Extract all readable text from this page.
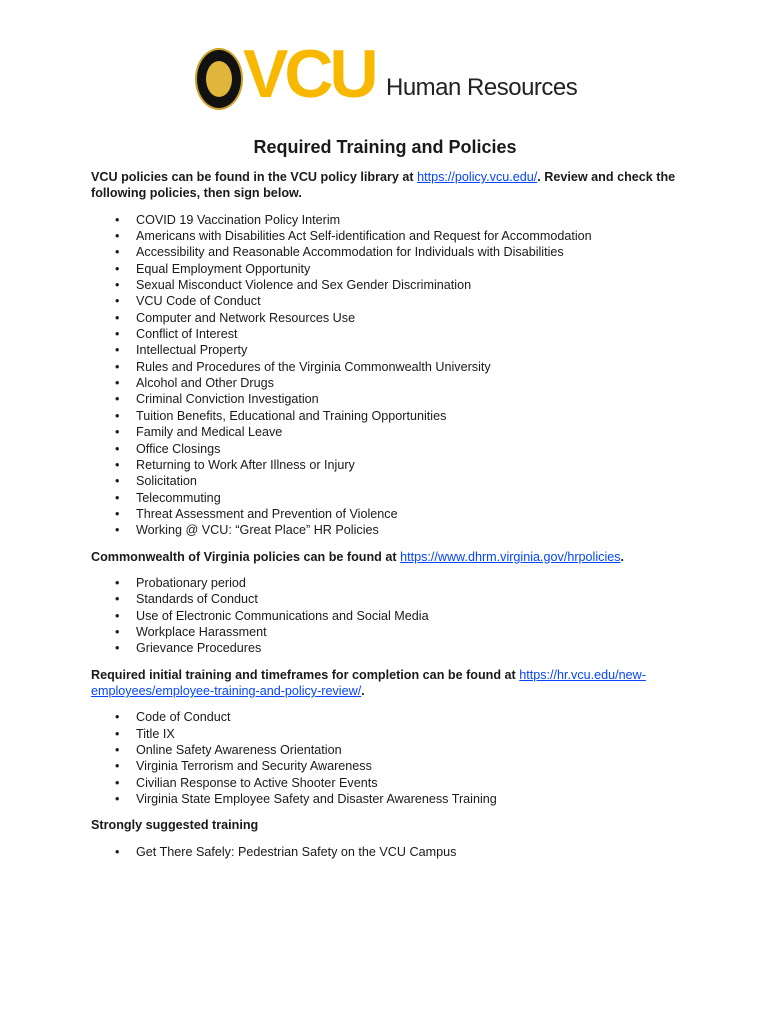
VCU Human Resources
Required Training and Policies

VCU policies can be found in the VCU policy library at https://policy.vcu.edu/. Review and check the following policies, then sign below.

• COVID 19 Vaccination Policy Interim
• Americans with Disabilities Act Self-identification and Request for Accommodation
• Accessibility and Reasonable Accommodation for Individuals with Disabilities
• Equal Employment Opportunity
• Sexual Misconduct Violence and Sex Gender Discrimination
• VCU Code of Conduct
• Computer and Network Resources Use
• Conflict of Interest
• Intellectual Property
• Rules and Procedures of the Virginia Commonwealth University
• Alcohol and Other Drugs
• Criminal Conviction Investigation
• Tuition Benefits, Educational and Training Opportunities
• Family and Medical Leave
• Office Closings
• Returning to Work After Illness or Injury
• Solicitation
• Telecommuting
• Threat Assessment and Prevention of Violence
• Working @ VCU: “Great Place” HR Policies

Commonwealth of Virginia policies can be found at https://www.dhrm.virginia.gov/hrpolicies.

• Probationary period
• Standards of Conduct
• Use of Electronic Communications and Social Media
• Workplace Harassment
• Grievance Procedures

Required initial training and timeframes for completion can be found at https://hr.vcu.edu/new-employees/employee-training-and-policy-review/.

• Code of Conduct
• Title IX
• Online Safety Awareness Orientation
• Virginia Terrorism and Security Awareness
• Civilian Response to Active Shooter Events
• Virginia State Employee Safety and Disaster Awareness Training

Strongly suggested training

• Get There Safely: Pedestrian Safety on the VCU Campus
